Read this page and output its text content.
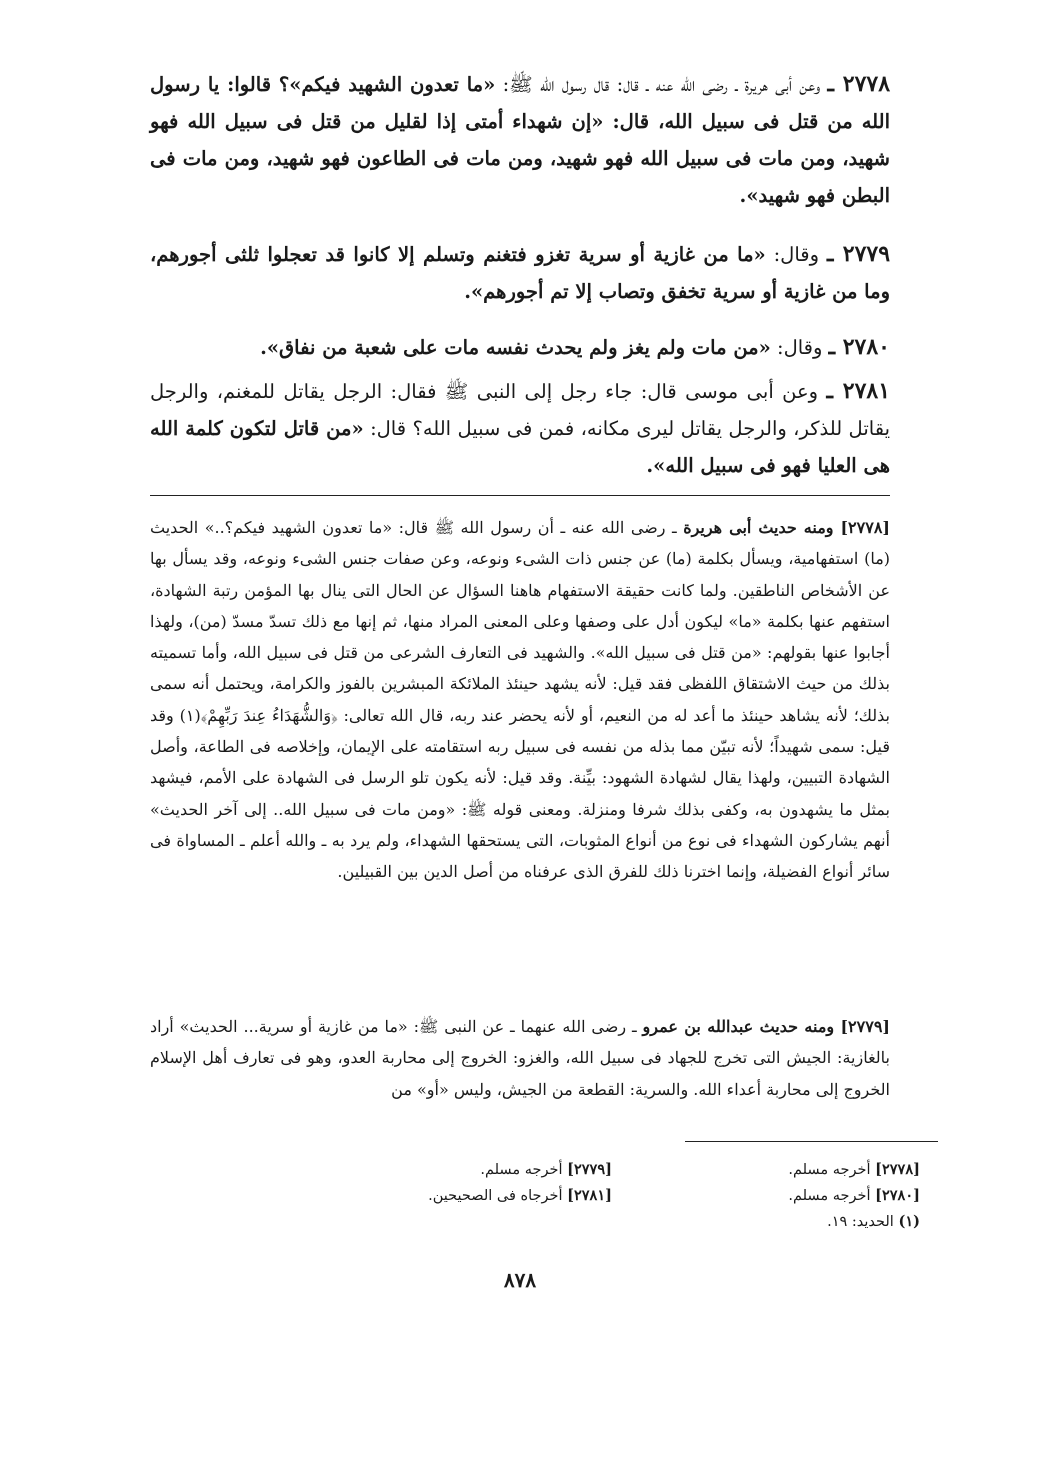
٢٧٧٨ ـ وعن أبى هريرة ـ رضى الله عنه ـ قال: قال رسول الله ﷺ: «ما تعدون الشهيد فيكم»؟ قالوا: يا رسول الله من قتل فى سبيل الله، قال: «إن شهداء أمتى إذا لقليل من قتل فى سبيل الله فهو شهيد، ومن مات فى سبيل الله فهو شهيد، ومن مات فى الطاعون فهو شهيد، ومن مات فى البطن فهو شهيد».
٢٧٧٩ ـ وقال: «ما من غازية أو سرية تغزو فتغنم وتسلم إلا كانوا قد تعجلوا ثلثى أجورهم، وما من غازية أو سرية تخفق وتصاب إلا تم أجورهم».
٢٧٨٠ ـ وقال: «من مات ولم يغز ولم يحدث نفسه مات على شعبة من نفاق».
٢٧٨١ ـ وعن أبى موسى قال: جاء رجل إلى النبى ﷺ فقال: الرجل يقاتل للمغنم، والرجل يقاتل للذكر، والرجل يقاتل ليرى مكانه، فمن فى سبيل الله؟ قال: «من قاتل لتكون كلمة الله هى العليا فهو فى سبيل الله».
[٢٧٧٨] ومنه حديث أبى هريرة ـ رضى الله عنه ـ أن رسول الله ﷺ قال: «ما تعدون الشهيد فيكم؟..» الحديث (ما) استفهامية، ويسأل بكلمة (ما) عن جنس ذات الشىء ونوعه، وعن صفات جنس الشىء ونوعه، وقد يسأل بها عن الأشخاص الناطقين. ولما كانت حقيقة الاستفهام هاهنا السؤال عن الحال التى ينال بها المؤمن رتبة الشهادة، استفهم عنها بكلمة «ما» ليكون أدل على وصفها وعلى المعنى المراد منها، ثم إنها مع ذلك تسدّ مسدّ (من)، ولهذا أجابوا عنها بقولهم: «من قتل فى سبيل الله». والشهيد فى التعارف الشرعى من قتل فى سبيل الله، وأما تسميته بذلك من حيث الاشتقاق اللفظى فقد قيل: لأنه يشهد حينئذ الملائكة المبشرين بالفوز والكرامة، ويحتمل أنه سمى بذلك؛ لأنه يشاهد حينئذ ما أعد له من النعيم، أو لأنه يحضر عند ربه، قال الله تعالى: ﴿وَالشُّهَدَاءُ عِندَ رَبِّهِمْ﴾(١) وقد قيل: سمى شهيداً؛ لأنه تبيّن مما بذله من نفسه فى سبيل ربه استقامته على الإيمان، وإخلاصه فى الطاعة، وأصل الشهادة التبيين، ولهذا يقال لشهادة الشهود: بيِّنة. وقد قيل: لأنه يكون تلو الرسل فى الشهادة على الأمم، فيشهد بمثل ما يشهدون به، وكفى بذلك شرفا ومنزلة. ومعنى قوله ﷺ: «ومن مات فى سبيل الله.. إلى آخر الحديث» أنهم يشاركون الشهداء فى نوع من أنواع المثوبات، التى يستحقها الشهداء، ولم يرد به ـ والله أعلم ـ المساواة فى سائر أنواع الفضيلة، وإنما اخترنا ذلك للفرق الذى عرفناه من أصل الدين بين القبيلين.
[٢٧٧٩] ومنه حديث عبدالله بن عمرو ـ رضى الله عنهما ـ عن النبى ﷺ: «ما من غازية أو سرية... الحديث» أراد بالغازية: الجيش التى تخرج للجهاد فى سبيل الله، والغزو: الخروج إلى محاربة العدو، وهو فى تعارف أهل الإسلام الخروج إلى محاربة أعداء الله. والسرية: القطعة من الجيش، وليس «أو» من
[٢٧٧٨] أخرجه مسلم.
[٢٧٨٠] أخرجه مسلم.
(١) الحديد: ١٩.
[٢٧٧٩] أخرجه مسلم.
[٢٧٨١] أخرجاه فى الصحيحين.
٨٧٨
